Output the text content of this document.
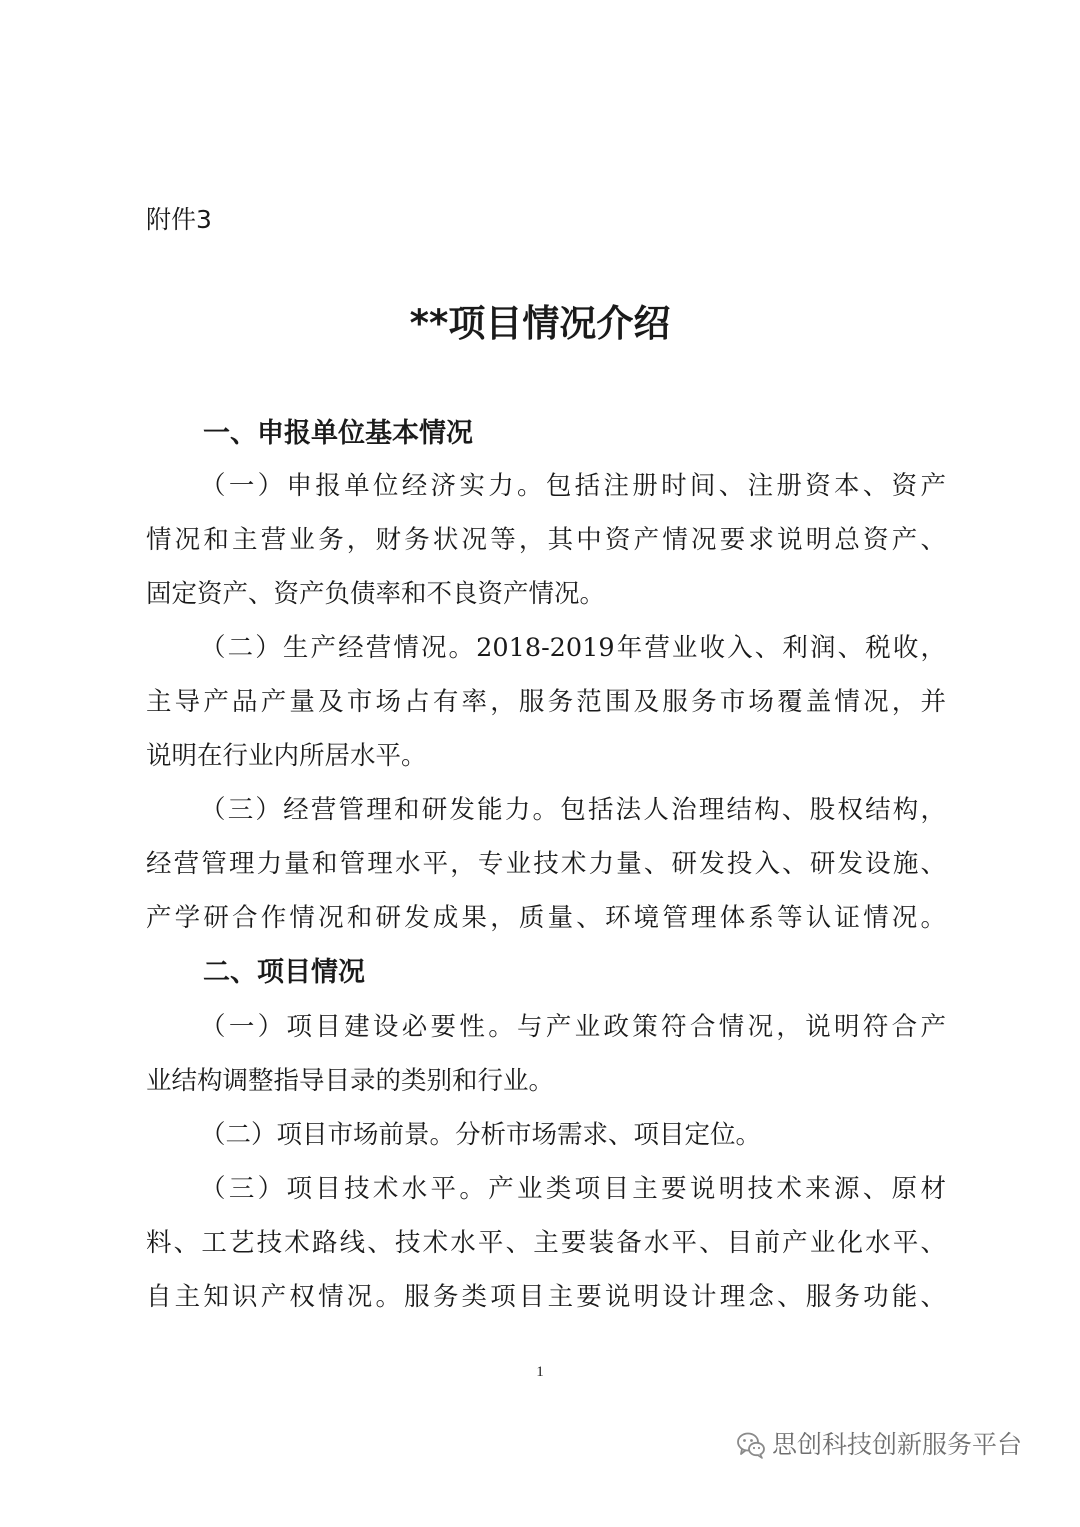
附件3
**项目情况介绍
一、申报单位基本情况
（一）申报单位经济实力。包括注册时间、注册资本、资产
情况和主营业务，财务状况等，其中资产情况要求说明总资产、
固定资产、资产负债率和不良资产情况。
（二）生产经营情况。2018-2019年营业收入、利润、税收，
主导产品产量及市场占有率，服务范围及服务市场覆盖情况，并
说明在行业内所居水平。
（三）经营管理和研发能力。包括法人治理结构、股权结构，
经营管理力量和管理水平，专业技术力量、研发投入、研发设施、
产学研合作情况和研发成果，质量、环境管理体系等认证情况。
二、项目情况
（一）项目建设必要性。与产业政策符合情况，说明符合产
业结构调整指导目录的类别和行业。
（二）项目市场前景。分析市场需求、项目定位。
（三）项目技术水平。产业类项目主要说明技术来源、原材
料、工艺技术路线、技术水平、主要装备水平、目前产业化水平、
自主知识产权情况。服务类项目主要说明设计理念、服务功能、
1
思创科技创新服务平台
